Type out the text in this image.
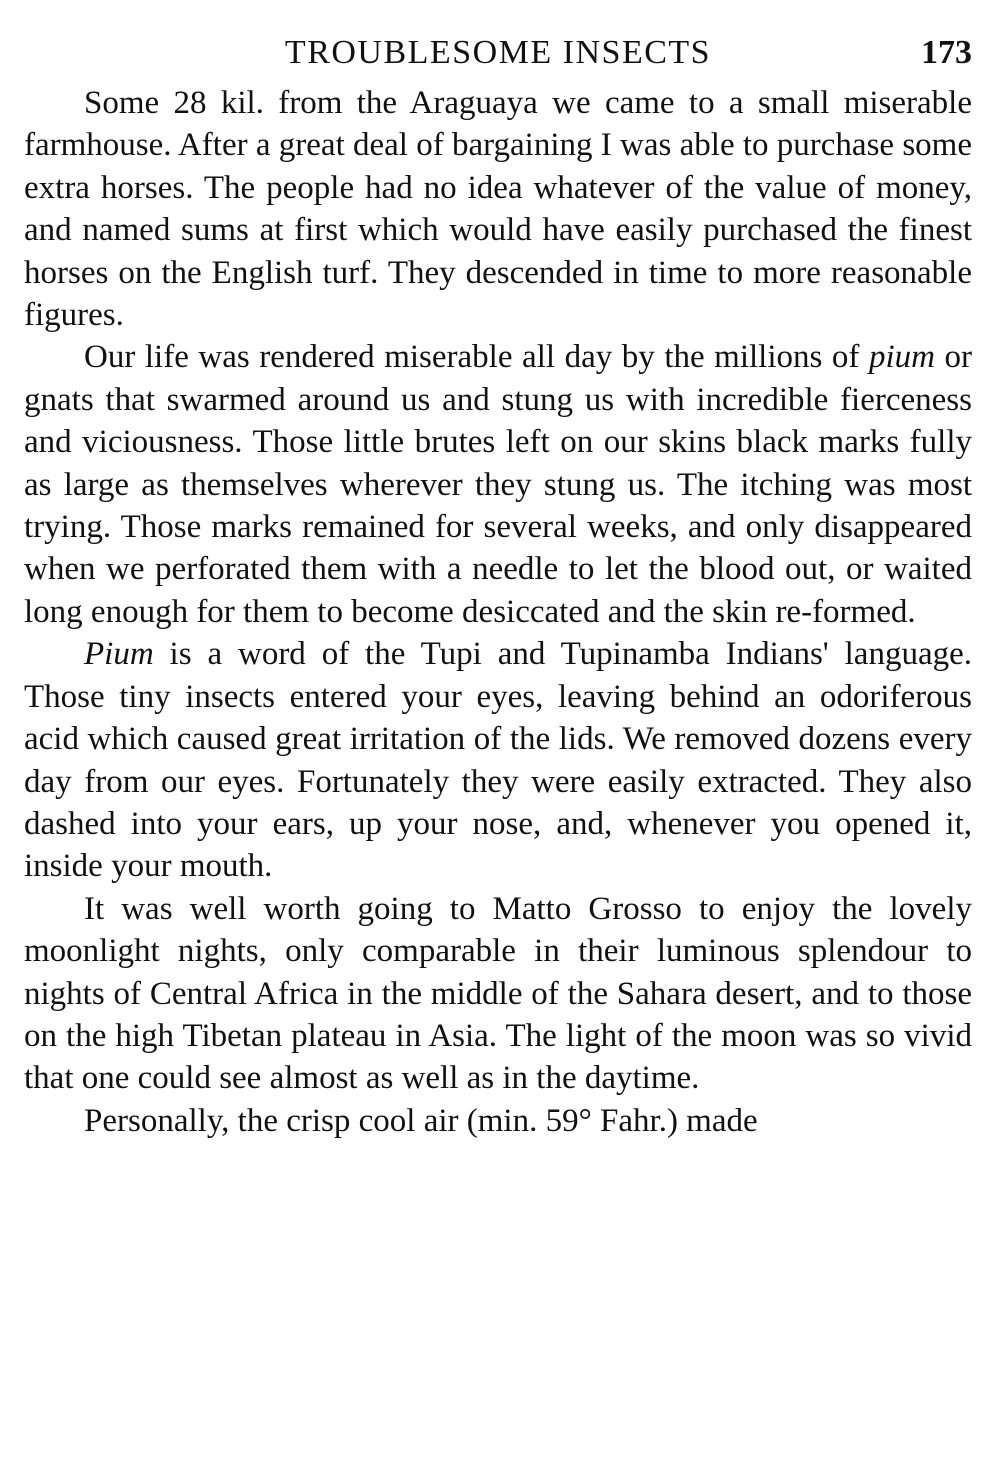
TROUBLESOME INSECTS	173

Some 28 kil. from the Araguaya we came to a small miserable farmhouse. After a great deal of bargaining I was able to purchase some extra horses. The people had no idea whatever of the value of money, and named sums at first which would have easily purchased the finest horses on the English turf. They descended in time to more reasonable figures.

Our life was rendered miserable all day by the millions of pium or gnats that swarmed around us and stung us with incredible fierceness and viciousness. Those little brutes left on our skins black marks fully as large as themselves wherever they stung us. The itching was most trying. Those marks remained for several weeks, and only disappeared when we perforated them with a needle to let the blood out, or waited long enough for them to become desiccated and the skin re-formed.

Pium is a word of the Tupi and Tupinamba Indians' language. Those tiny insects entered your eyes, leaving behind an odoriferous acid which caused great irritation of the lids. We removed dozens every day from our eyes. Fortunately they were easily extracted. They also dashed into your ears, up your nose, and, whenever you opened it, inside your mouth.

It was well worth going to Matto Grosso to enjoy the lovely moonlight nights, only comparable in their luminous splendour to nights of Central Africa in the middle of the Sahara desert, and to those on the high Tibetan plateau in Asia. The light of the moon was so vivid that one could see almost as well as in the daytime.

Personally, the crisp cool air (min. 59° Fahr.) made
